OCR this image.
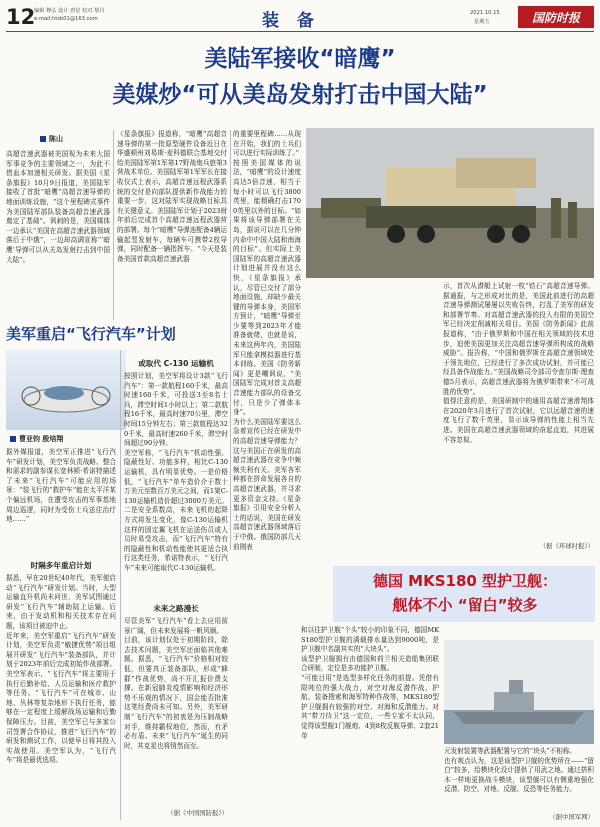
12
编辑 穆弘 设计 唐星 校对 梨丹
e-mail:htsb01@163.com	装 备	2021.10.15
星期五	国防时报
美陆军接收“暗鹰”
美媒炒“可从美岛发射打击中国大陆”
陈山
高超音速武器被美国视为未来大国军事竞争的主要领域之一，为此不惜血本加速相关研发。据美国《星条旗报》10月9日报道，美国陆军接收了首批“暗鹰”高超音速导弹的地面训练设施，“这个里程碑式事件为美国陆军部队装备高超音速武器奠定了基础”。讽刺的是，美国媒体一边承认“美国在高超音速武器领域落后于中俄”，一边却高调宣称“‘暗鹰’导弹可以从关岛发射打击到中国大陆”。
《星条旗报》报道称，“暗鹰”高超音速导弹的第一批原型硬件设备近日在华盛顿州刘易斯·麦科德联合基地交付给美国陆军第1军第17野战炮兵旅第3营战术单位。美国陆军第1军军长在接收仪式上表示，高超音速远程武器系统的交付是向部队提供新作战能力的重要一步，这对陆军实现战略目标具有关键意义。美国陆军计划于2023财年前后完成首个高超音速远程武器营的部署。每个“暗鹰”导弹连配备4辆运输起竖发射车，每辆车可携带2枚导弹，同时配备一辆指挥车。“今天是装备美国首款高超音速武器
的重要里程碑……从现在开始，我们的士兵们可以进行实际训练了。”
按照美国媒体的说法，“暗鹰”的设计速度高达5倍音速，相当于每小时可以飞行3800英里，能精确打击1700英里以外的目标。“如果将该导弹部署在关岛，据说可以在几分钟内命中中国大陆和南海的目标”。但实际上美国陆军的高超音速武器计划进展并没有这么快，《星条旗报》承认，尽管已交付了部分地面设施，却缺少最关键的导弹本身，美国军方预计，“暗鹰”导弹至少要等到2023年才能准备就绪，也就是说，未来这两年内，美国陆军只能拿模拟器进行基本训练。美国《防务新闻》更是嘲讽说，“美国陆军完成对首支高超音速能力部队的设备交付，只是少了弹体本身”。
为什么美国陆军要这么急着宣传已经在研发中的高超音速导弹能力？这与美国正在研发的高超音速武器在竞争中频频失利有关。美军各军种都在拼命发展各自的高超音速武器，并寻求更多资金支持。《星条旗报》引用安全分析人士的话说，美国在研发高超音速武器领域落后于中俄。俄国防部几天前刚表
示，首次从潜艇上试射一枚“锆石”高超音速导弹。据通报，与之形成对比的是，美国此前进行的高超音速导弹测试屡屡以失败告终，打乱了美军的研发和部署节奏。对高超音速武器的投入有限的美国空军已经决定削减相关项目。美国《防务新闻》此前报道称，“由于俄罗斯和中国在相关领域的技术进步，迫使美国更加关注高超音速导弹所构成的战略威胁”。报告称，“中国和俄罗斯在高超音速领域处于领先地位，已经进行了多次成功试射，并可能已经具备作战能力。”美国战略司令部司令查尔斯·理查德5月表示，高超音速武器将为俄罗斯带来“不可战胜的优势”。
值得注意的是，美国研制中的通用高超音速滑翔体在2020年3月进行了首次试射，它以远超音速的速度飞行了数千英里，显示该导弹的性能上相当先进。美国在高超音速武器领域的奋起直追，其进展不容忽视。
（据《环球时报》）
美军重启“飞行汽车”计划
曹亚钧 殷培翔
据外媒报道，美空军正推进“飞行汽车”研发计划，美空军负责战略、整合和需求的副参谋长宽林顿·希诺特描述了未来“飞行汽车”可能应用的场景：“装飞行的”救护车“能在太平洋某个偏远机场，在遭受攻击的军事基地周边巡逻，同时为受伤士兵送往治疗地……”
时隔多年重启计划
据悉，早在20世纪40年代，美军便启动“飞行汽车”研发计划。当时，大型运输直升机尚未问世，美军试图通过研发“飞行汽车”辅助陆上运输。后来，由于发动机和相关技术存在问题，该项目被迫中止。
近年来，美空军重启“飞行汽车”研发计划，美空军负责“敏捷优势”项目组展开研发“飞行汽车”装备部队，并计划于2023年前后完成初始作战部署。美空军表示，“飞行汽车”将主要用于执行后勤补给、人员运输和医疗救护等任务。“飞行汽车”可在城市、山地、丛林等复杂地形下执行任务，能够在一定程度上缓解战场运输和后勤保障压力。目前，美空军已与多家公司签署合作协议，推进“飞行汽车”的研发和测试工作，以便早日将其投入实战使用。美空军认为，“飞行汽车”将是最优选项。
或取代 C-130 运输机
按照计划，美空军将设计3款“飞行汽车”：第一款航程160千米，最高时速160千米，可投送3至8名士兵，滞空时间1小时以上；第二款航程16千米，最高时速70公里，滞空时间15分钟左右；第三款航程达320千米，最高时速260千米，滞空时间超过90分钟。
美空军称，“飞行汽车”机动性强、隐蔽性好、功能多样，相比C-130运输机，具有明显优势。一是价格低，“飞行汽车”单车造价介于数十万美元至数百万美元之间，而1架C-130运输机造价超过3000万美元。二是安全系数高，未来飞机的起降方式将发生变化，像C-130运输机这样的固定翼飞机在运送伤员或人员时易受攻击，而“飞行汽车”特有的隐蔽性和机动性能使其更适合执行这类任务，希诺特表示，“飞行汽车”未来可能取代C-130运输机。
未来之路漫长
尽管美军“飞行汽车”看上去应用前景广阔，但未来发展将一帆风顺。
目前，该计划仅处于初期阶段，除去技术问题，美空军还面临其他难题。据悉，“飞行汽车”价格相对较低，但要真正装备部队，形成“蜂群”作战优势，尚不开汇报价费支撑。在新冠肺炎疫情影响和经济形势不乐观的情况下，国会能否批准这笔经费尚未可知。另外，美军研制“飞行汽车”的初衷是为压制战略对手，维持霸权地位，然而，有矛必有盾。未来“飞行汽车”诞生的同时，其克星也将悄然而至。
（据《中国国防报》）
德国 MKS180 型护卫舰：
舰体不小 “留白”较多
和以往护卫舰“个头”较小的印象不同，德国MKS180型护卫舰的满载排水量达到9000吨，是护卫舰中名副其实的“大块头”。
该型护卫舰拥有由德国和荷兰相关造船集团联合研制，定位是多功能护卫舰。
“可能目用”是选型多样化任务的前提。凭借有限吨位的强大战力，对空对海反潜作战、护航、装备搜索和海军特种作战等，MKS180型护卫舰拥有较强的对空、对海和反潜能力。对其“带刀待卫”这一定位，一些专家不太认同，觉得该型舰1门舰炮、4到8枚反舰导弹、2套21单
元发射装置等武器配置与它的“块头”不相称。
也有观点认为，这是该型护卫舰的优势所在——“留白”较多，给模块化设计提供了用武之地。通过搭积木一样地更换战斗模块，该型舰可以有侧重地强化反潜、防空、对地、反舰、反恐等任务能力。
（据中国军网）
